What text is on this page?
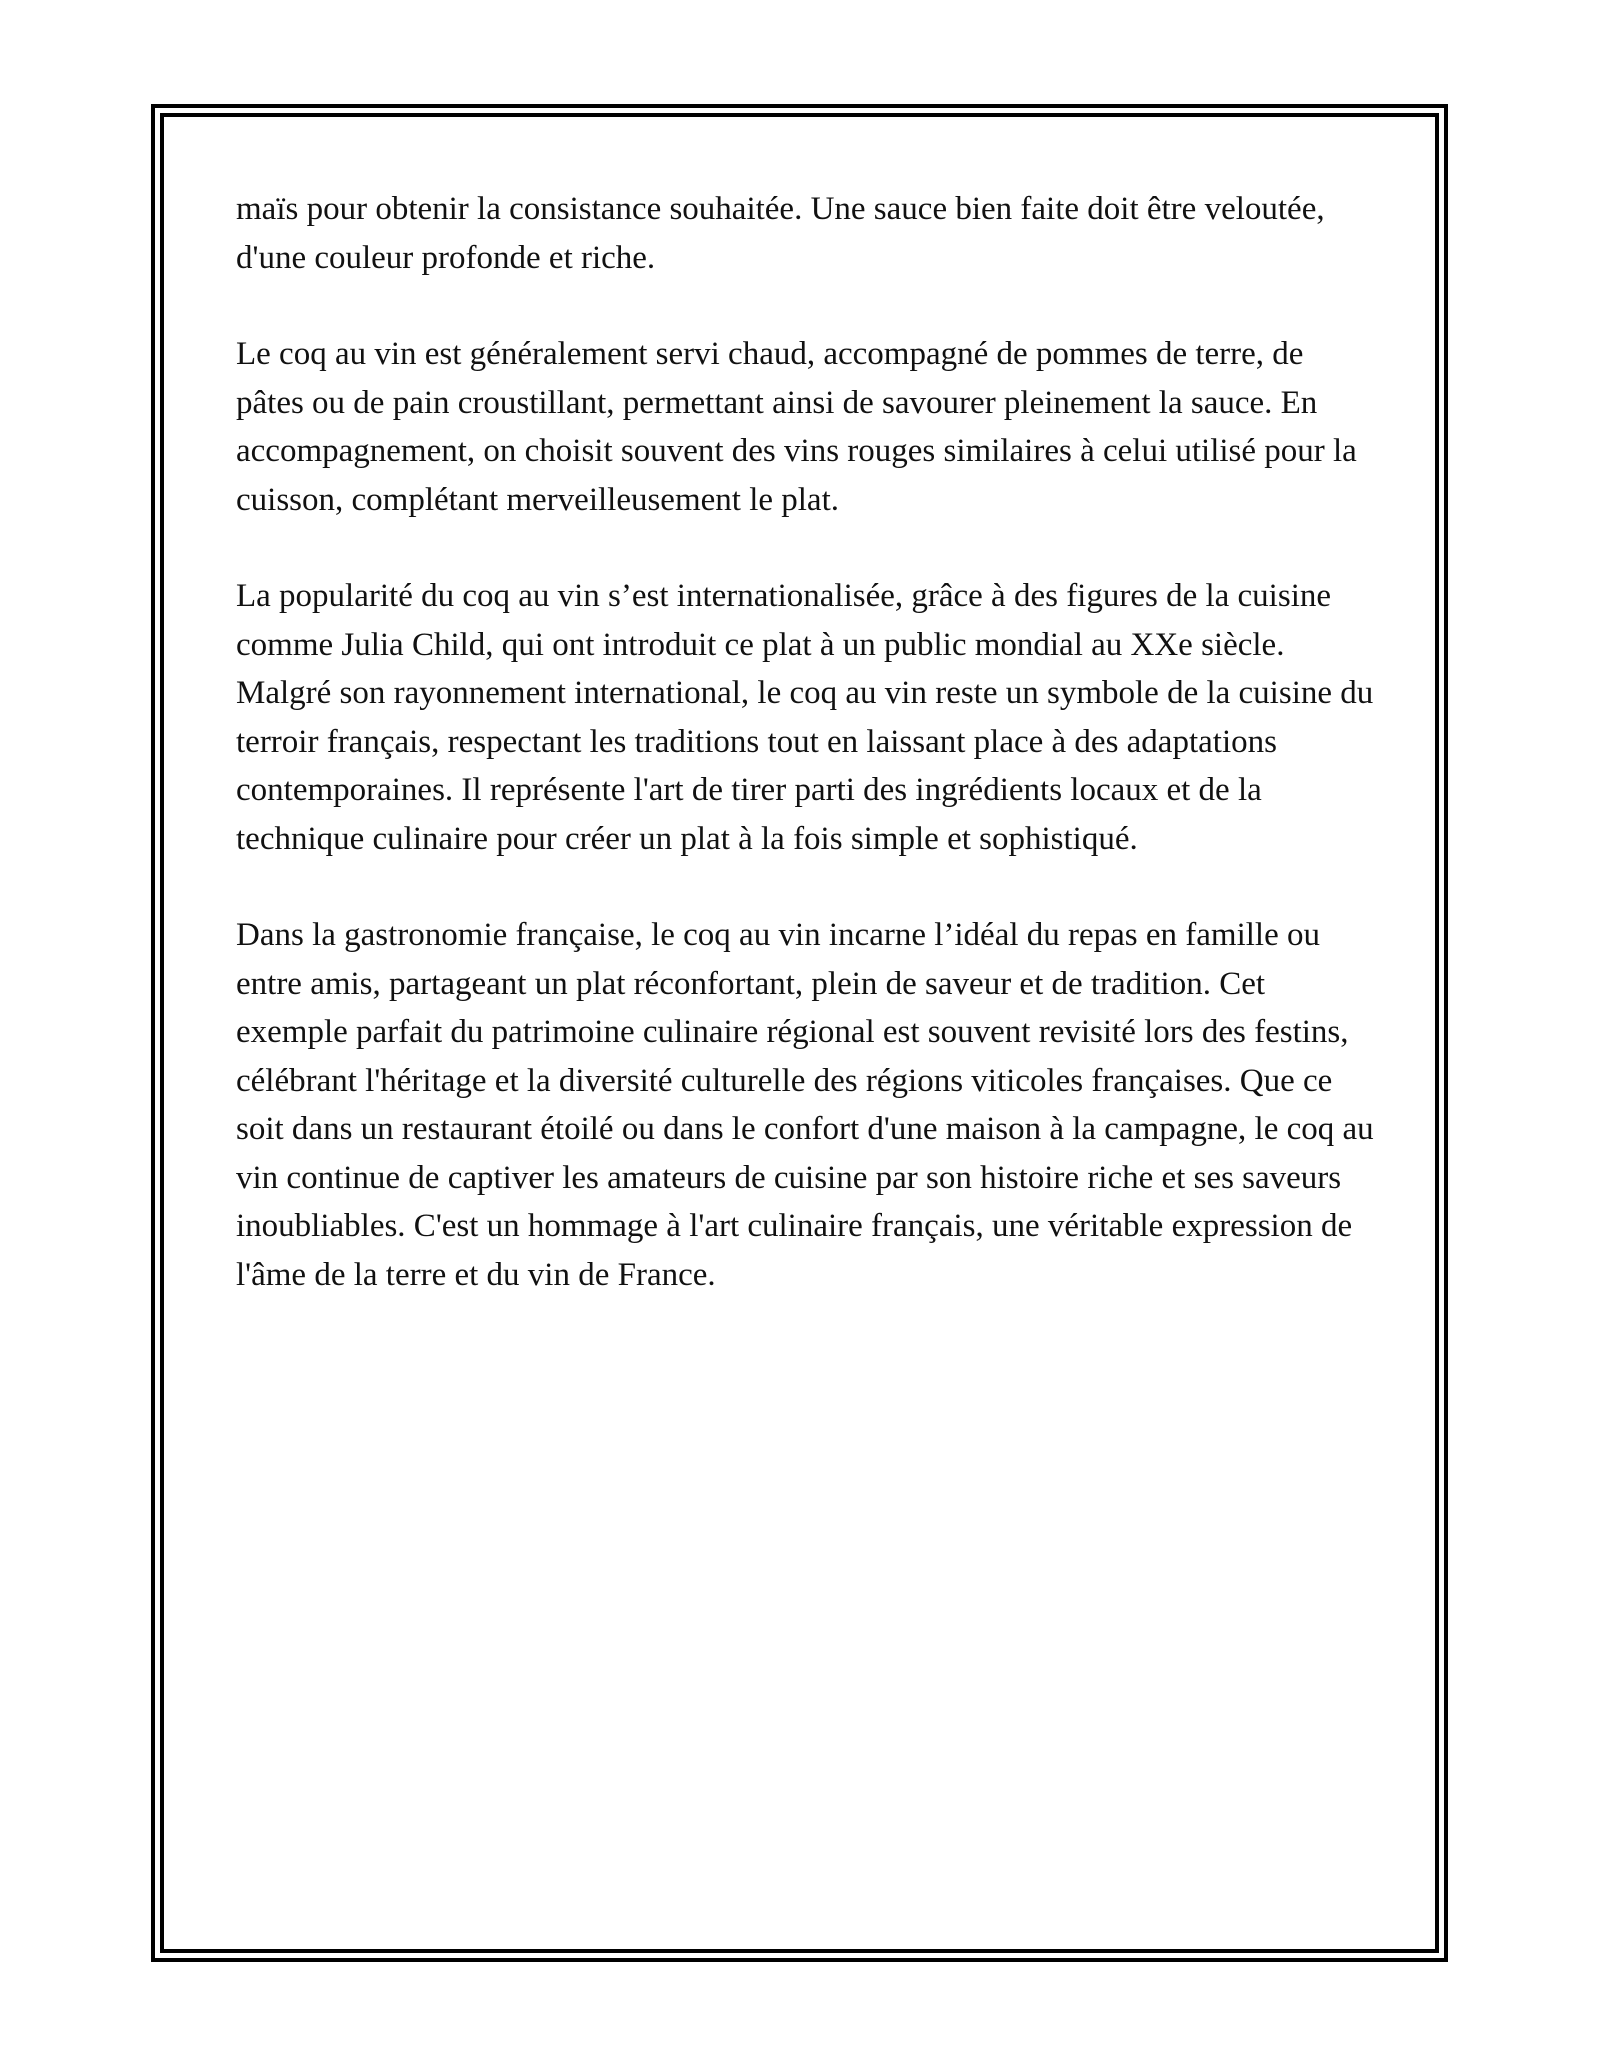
maïs pour obtenir la consistance souhaitée. Une sauce bien faite doit être veloutée, d'une couleur profonde et riche.

Le coq au vin est généralement servi chaud, accompagné de pommes de terre, de pâtes ou de pain croustillant, permettant ainsi de savourer pleinement la sauce. En accompagnement, on choisit souvent des vins rouges similaires à celui utilisé pour la cuisson, complétant merveilleusement le plat.

La popularité du coq au vin s’est internationalisée, grâce à des figures de la cuisine comme Julia Child, qui ont introduit ce plat à un public mondial au XXe siècle. Malgré son rayonnement international, le coq au vin reste un symbole de la cuisine du terroir français, respectant les traditions tout en laissant place à des adaptations contemporaines. Il représente l'art de tirer parti des ingrédients locaux et de la technique culinaire pour créer un plat à la fois simple et sophistiqué.

Dans la gastronomie française, le coq au vin incarne l’idéal du repas en famille ou entre amis, partageant un plat réconfortant, plein de saveur et de tradition. Cet exemple parfait du patrimoine culinaire régional est souvent revisité lors des festins, célébrant l'héritage et la diversité culturelle des régions viticoles françaises. Que ce soit dans un restaurant étoilé ou dans le confort d'une maison à la campagne, le coq au vin continue de captiver les amateurs de cuisine par son histoire riche et ses saveurs inoubliables. C'est un hommage à l'art culinaire français, une véritable expression de l'âme de la terre et du vin de France.
